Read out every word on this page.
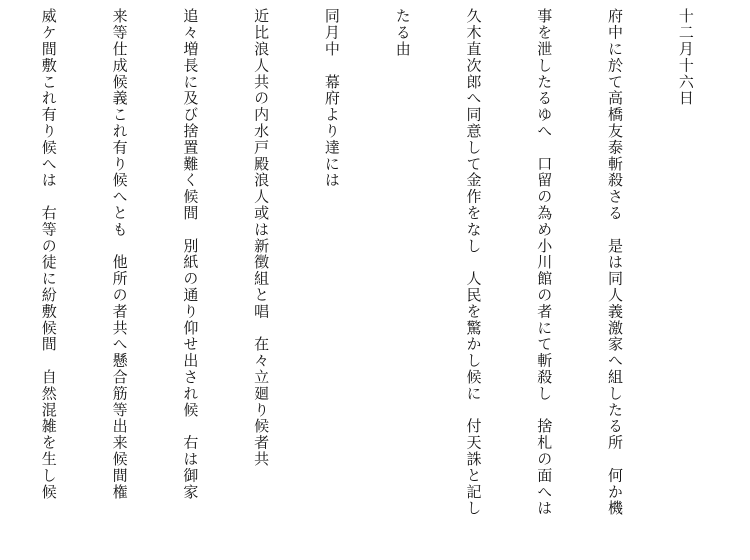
十二月十六日

府中に於て高橋友泰斬殺さる　是は同人義激家へ組したる所　何か機

事を泄したるゆへ　口留の為め小川館の者にて斬殺し　捨札の面へは

久木直次郎へ同意して金作をなし　人民を驚かし候に　付天誅と記し

たる由

同月中　幕府より達には

近比浪人共の内水戸殿浪人或は新徴組と唱　在々立廻り候者共

追々増長に及び捨置難く候間　別紙の通り仰せ出され候　右は御家

来等仕成候義これ有り候へとも　他所の者共へ懸合筋等出来候間権

威ケ間敷これ有り候へは　右等の徒に紛敷候間　自然混雑を生し候
